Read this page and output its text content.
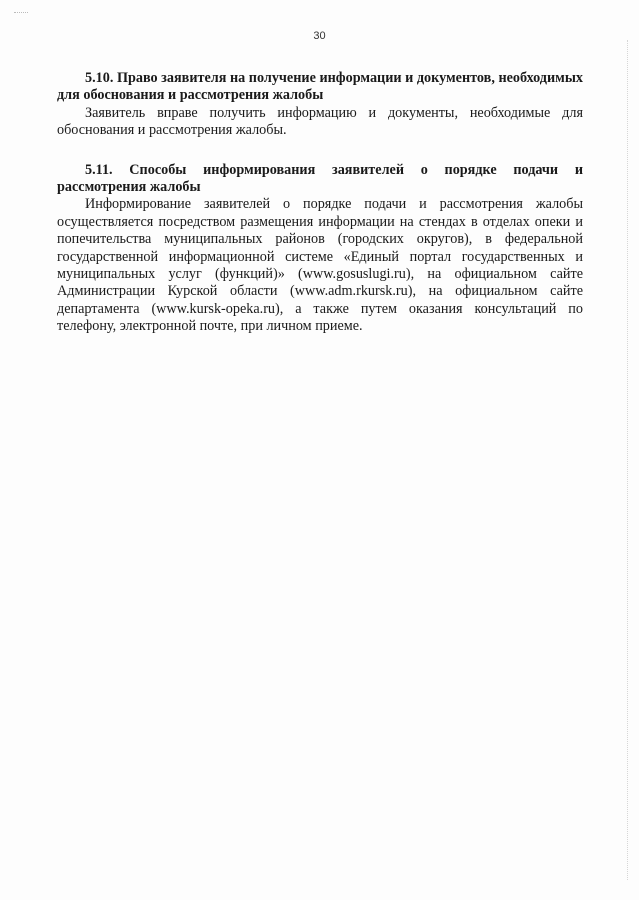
30

5.10. Право заявителя на получение информации и документов, необходимых для обоснования и рассмотрения жалобы

Заявитель вправе получить информацию и документы, необходимые для обоснования и рассмотрения жалобы.

5.11. Способы информирования заявителей о порядке подачи и рассмотрения жалобы

Информирование заявителей о порядке подачи и рассмотрения жалобы осуществляется посредством размещения информации на стендах в отделах опеки и попечительства муниципальных районов (городских округов), в федеральной государственной информационной системе «Единый портал государственных и муниципальных услуг (функций)» (www.gosuslugi.ru), на официальном сайте Администрации Курской области (www.adm.rkursk.ru), на официальном сайте департамента (www.kursk-opeka.ru), а также путем оказания консультаций по телефону, электронной почте, при личном приеме.
